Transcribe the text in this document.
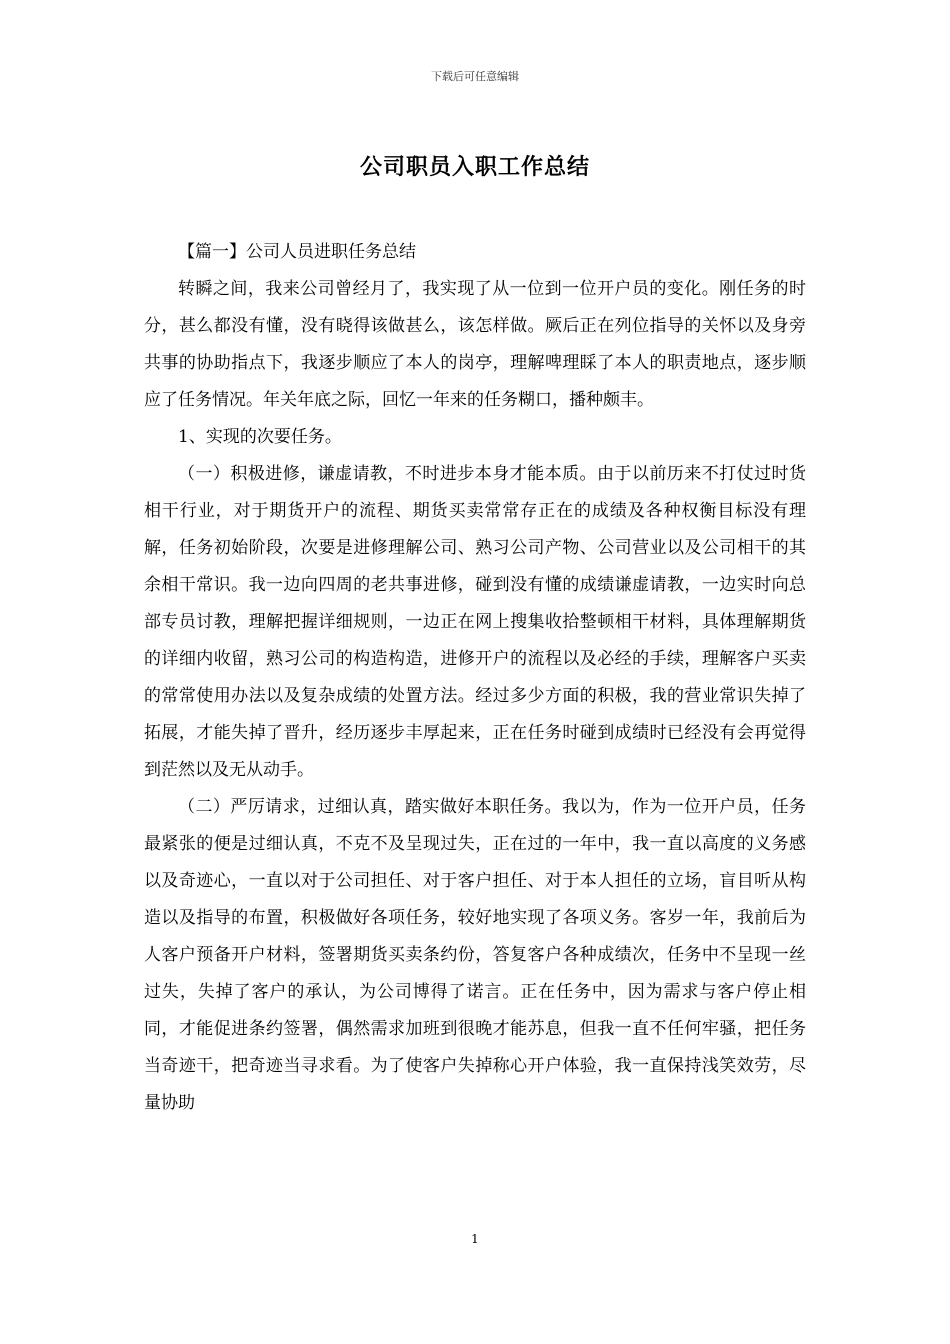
下载后可任意编辑
公司职员入职工作总结

【篇一】公司人员进职任务总结

转瞬之间，我来公司曾经月了，我实现了从一位到一位开户员的变化。刚任务的时分，甚么都没有懂，没有晓得该做甚么，该怎样做。厥后正在列位指导的关怀以及身旁共事的协助指点下，我逐步顺应了本人的岗亭，理解啤理睬了本人的职责地点，逐步顺应了任务情况。年关年底之际，回忆一年来的任务糊口，播种颇丰。

1、实现的次要任务。

（一）积极进修，谦虚请教，不时进步本身才能本质。由于以前历来不打仗过时货相干行业，对于期货开户的流程、期货买卖常常存正在的成绩及各种权衡目标没有理解，任务初始阶段，次要是进修理解公司、熟习公司产物、公司营业以及公司相干的其余相干常识。我一边向四周的老共事进修，碰到没有懂的成绩谦虚请教，一边实时向总部专员讨教，理解把握详细规则，一边正在网上搜集收拾整顿相干材料，具体理解期货的详细内收留，熟习公司的构造构造，进修开户的流程以及必经的手续，理解客户买卖的常常使用办法以及复杂成绩的处置方法。经过多少方面的积极，我的营业常识失掉了拓展，才能失掉了晋升，经历逐步丰厚起来，正在任务时碰到成绩时已经没有会再觉得到茫然以及无从动手。

（二）严厉请求，过细认真，踏实做好本职任务。我以为，作为一位开户员，任务最紧张的便是过细认真，不克不及呈现过失，正在过的一年中，我一直以高度的义务感以及奇迹心，一直以对于公司担任、对于客户担任、对于本人担任的立场，盲目听从构造以及指导的布置，积极做好各项任务，较好地实现了各项义务。客岁一年，我前后为人客户预备开户材料，签署期货买卖条约份，答复客户各种成绩次，任务中不呈现一丝过失，失掉了客户的承认，为公司博得了诺言。正在任务中，因为需求与客户停止相同，才能促进条约签署，偶然需求加班到很晚才能苏息，但我一直不任何牢骚，把任务当奇迹干，把奇迹当寻求看。为了使客户失掉称心开户体验，我一直保持浅笑效劳，尽量协助

1
